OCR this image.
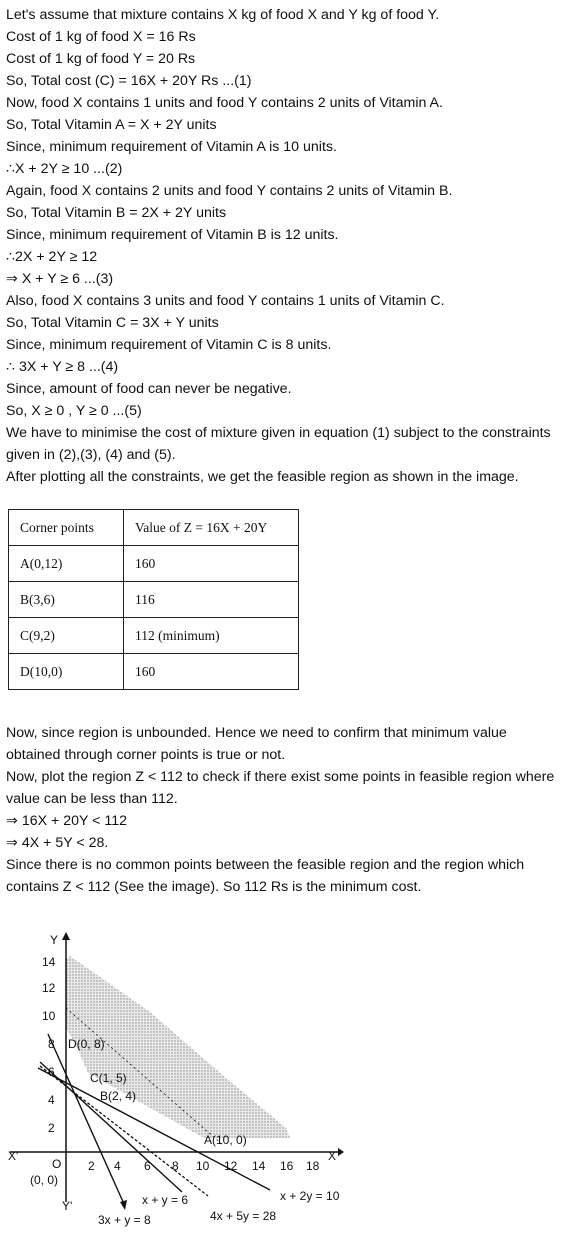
Let's assume that mixture contains X kg of food X and Y kg of food Y.

Cost of 1 kg of food X = 16 Rs

Cost of 1 kg of food Y = 20 Rs

So, Total cost (C) = 16X + 20Y Rs ...(1)

Now, food X contains 1 units and food Y contains 2 units of Vitamin A.

So, Total Vitamin A = X + 2Y units

Since, minimum requirement of Vitamin A is 10 units.

∴X + 2Y ≥ 10 ...(2)

Again, food X contains 2 units and food Y contains 2 units of Vitamin B.

So, Total Vitamin B = 2X + 2Y units

Since, minimum requirement of Vitamin B is 12 units.

∴2X + 2Y ≥ 12

⇒ X + Y ≥ 6 ...(3)

Also, food X contains 3 units and food Y contains 1 units of Vitamin C.

So, Total Vitamin C = 3X + Y units

Since, minimum requirement of Vitamin C is 8 units.

∴ 3X + Y ≥ 8 ...(4)

Since, amount of food can never be negative.

So, X ≥ 0 , Y ≥ 0 ...(5)

We have to minimise the cost of mixture given in equation (1) subject to the constraints given in (2),(3), (4) and (5).

After plotting all the constraints, we get the feasible region as shown in the image.

Corner points	Value of Z = 16X + 20Y
A(0,12)	160
B(3,6)	116
C(9,2)	112 (minimum)
D(10,0)	160

Now, since region is unbounded. Hence we need to confirm that minimum value obtained through corner points is true or not.

Now, plot the region Z < 112 to check if there exist some points in feasible region where value can be less than 112.

⇒ 16X + 20Y < 112

⇒ 4X + 5Y < 28.

Since there is no common points between the feasible region and the region which contains Z < 112 (See the image). So 112 Rs is the minimum cost.

2 4 6 8 10 12 14 16 18
2
4
6
8
10
12
14
X
Y
X'
Y'
O
(0, 0)
D(0, 8)
C(1, 5)
B(2, 4)
A(10, 0)
x + y = 6	x + 2y = 10
4x + 5y = 28
3x + y = 8
